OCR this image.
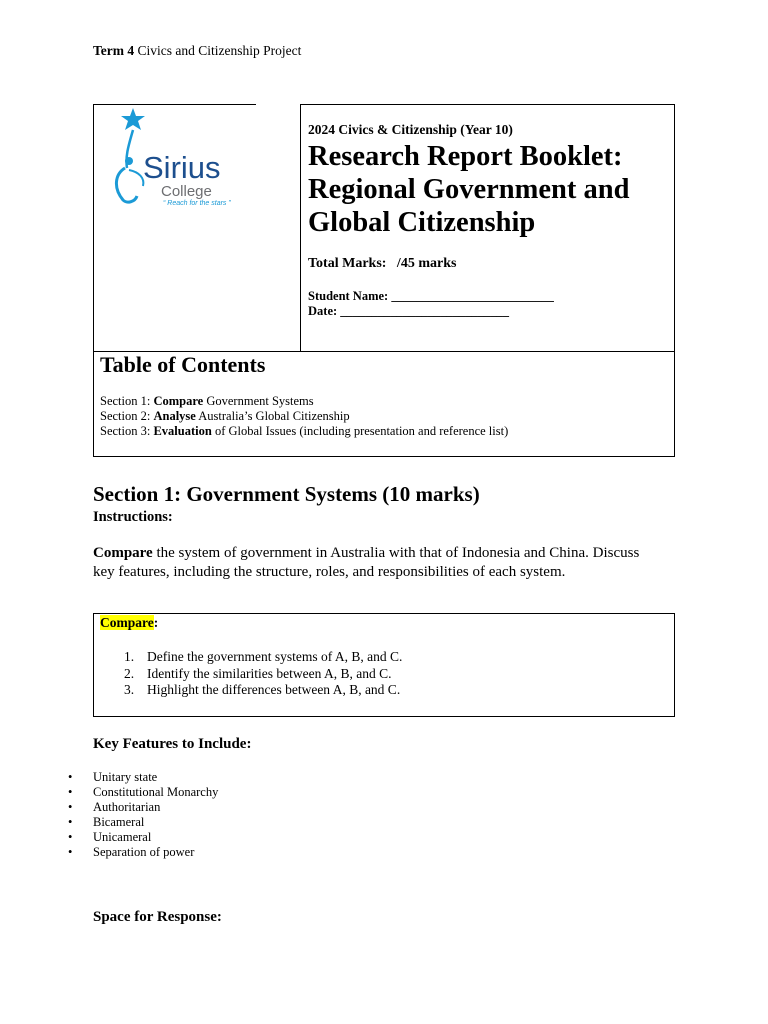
Term 4 Civics and Citizenship Project
Sirius
College
“ Reach for the stars ”
2024 Civics & Citizenship (Year 10)
Research Report Booklet:
Regional Government and
Global Citizenship
Total Marks:   /45 marks
Student Name: __________________________
Date: ___________________________
Table of Contents
Section 1: Compare Government Systems
Section 2: Analyse Australia’s Global Citizenship
Section 3: Evaluation of Global Issues (including presentation and reference list)
Section 1: Government Systems (10 marks)
Instructions:
Compare the system of government in Australia with that of Indonesia and China. Discuss key features, including the structure, roles, and responsibilities of each system.
Compare:
1. Define the government systems of A, B, and C.
2. Identify the similarities between A, B, and C.
3. Highlight the differences between A, B, and C.
Key Features to Include:
• Unitary state
• Constitutional Monarchy
• Authoritarian
• Bicameral
• Unicameral
• Separation of power
Space for Response:
